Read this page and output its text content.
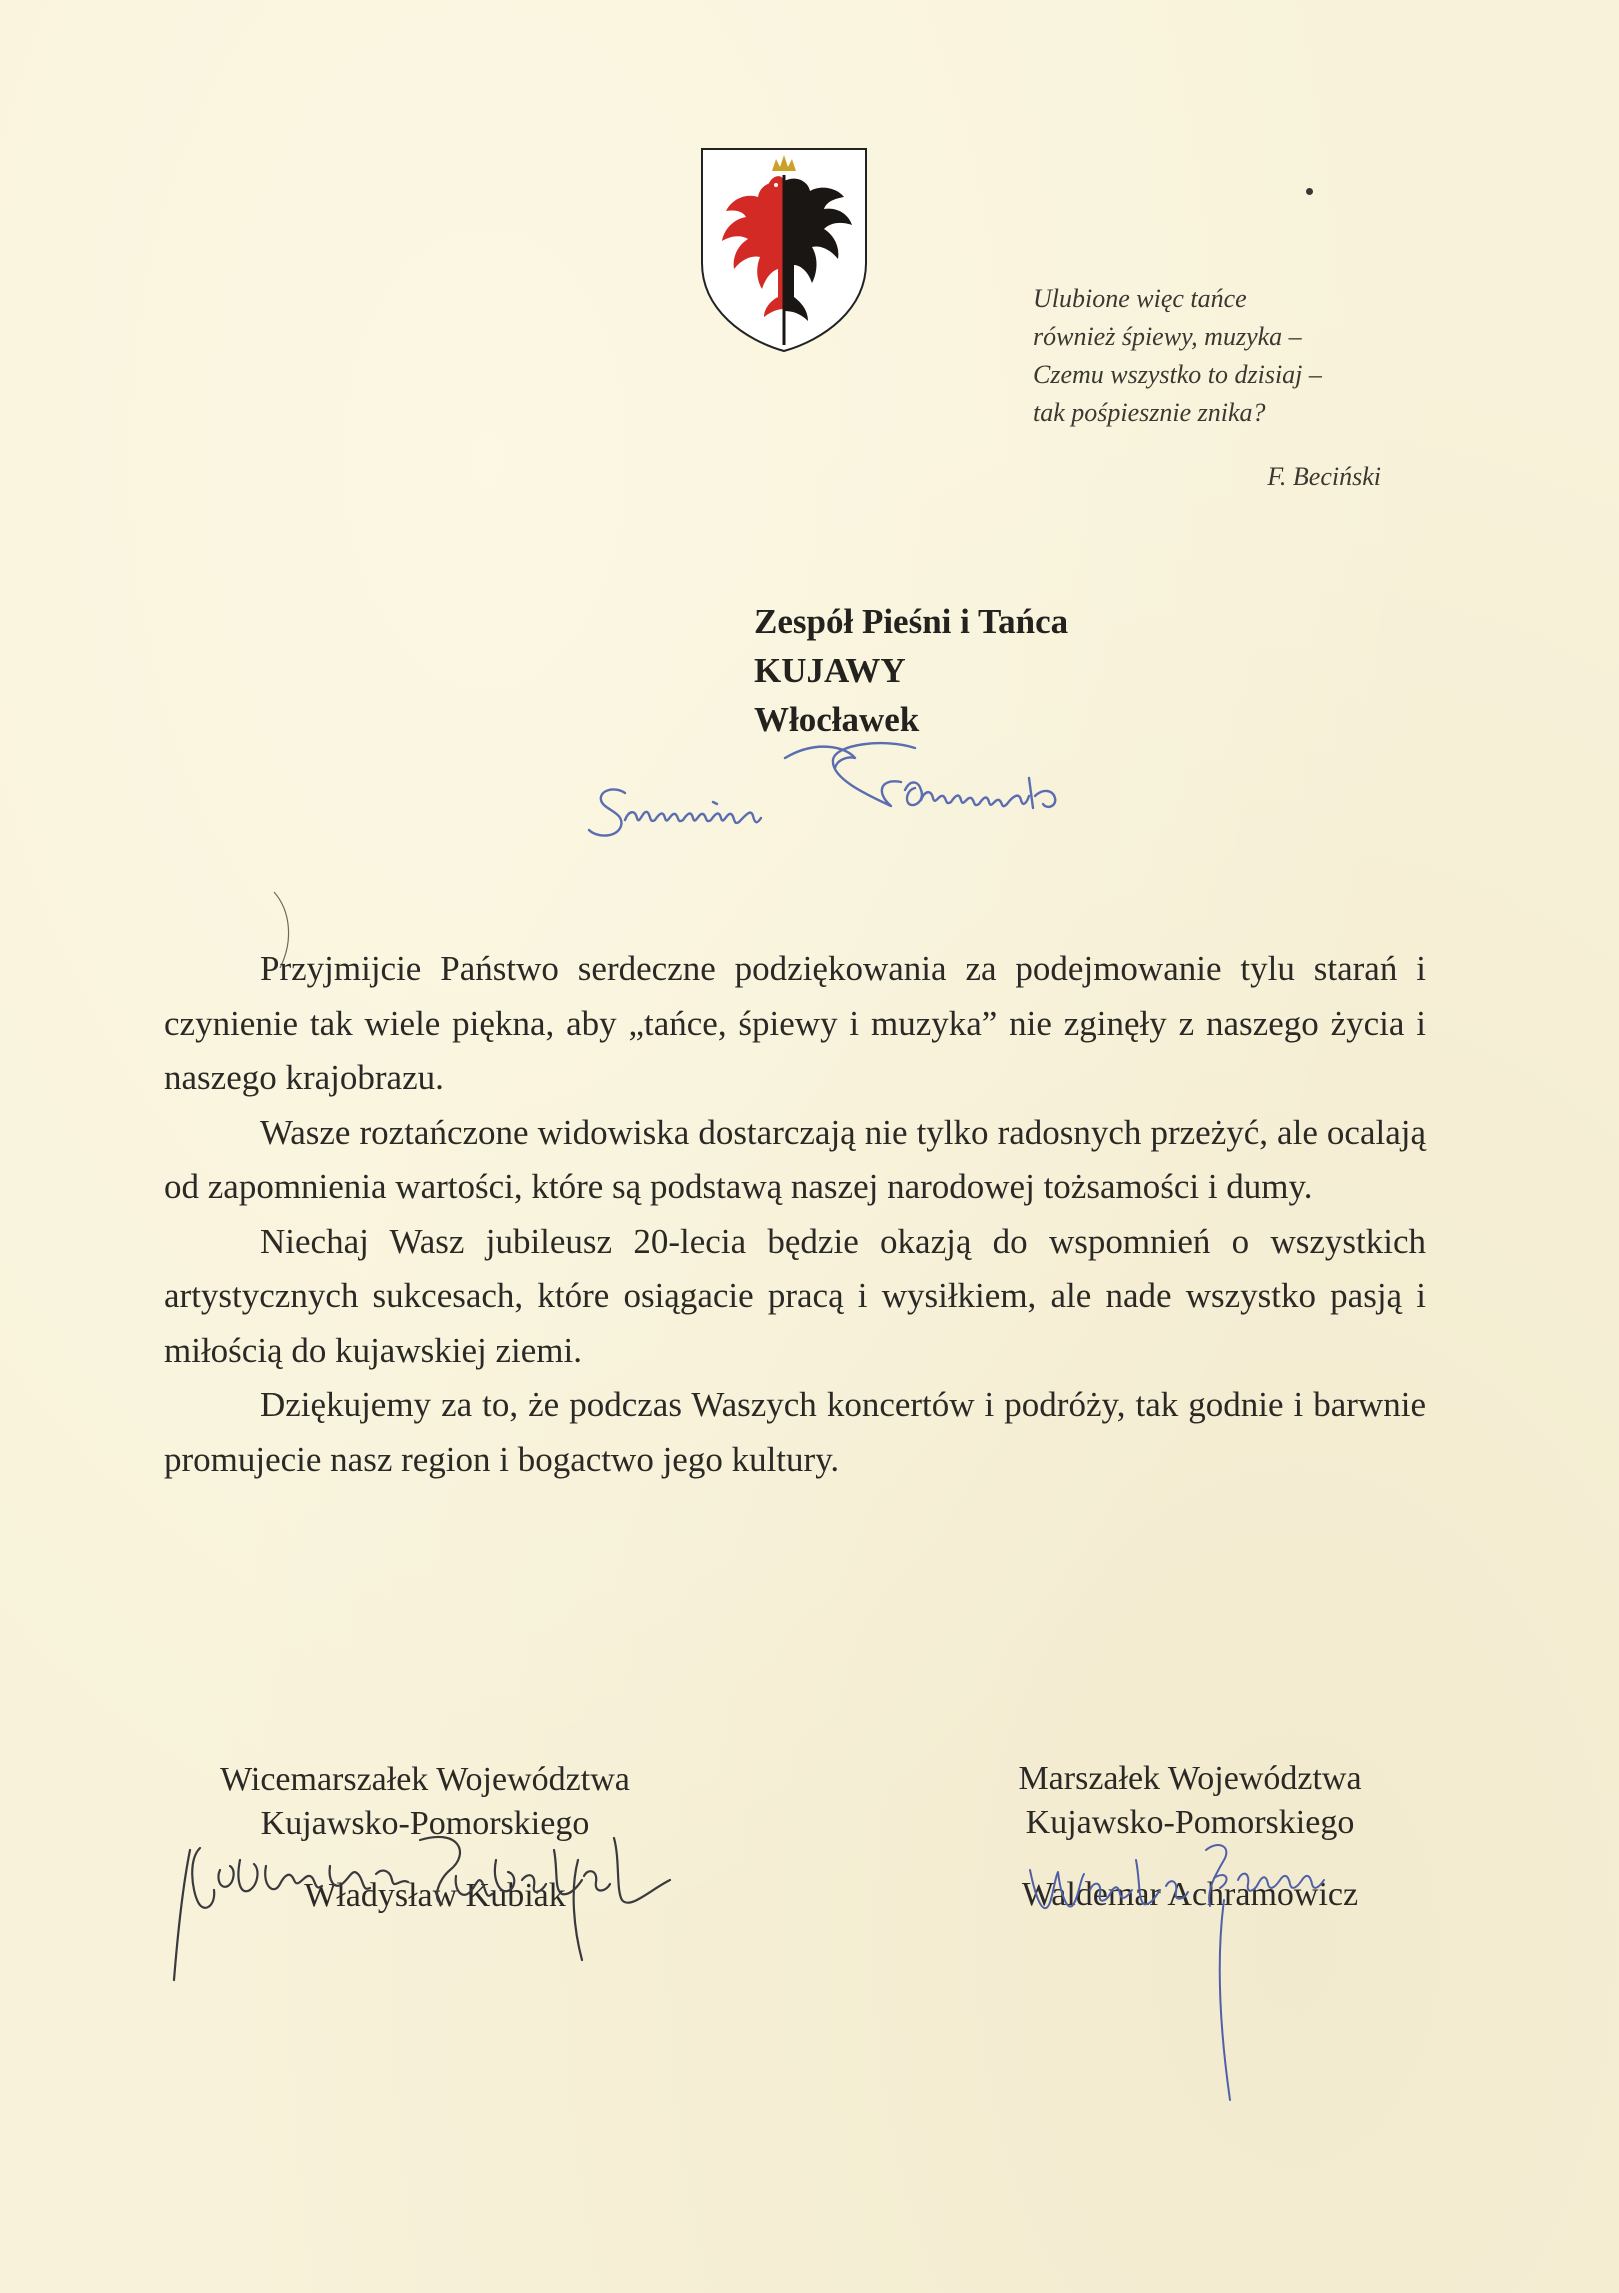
Ulubione więc tańce
również śpiewy, muzyka –
Czemu wszystko to dzisiaj –
tak pośpiesznie znika?
F. Beciński
Zespół Pieśni i Tańca
KUJAWY
Włocławek

Przyjmijcie Państwo serdeczne podziękowania za podejmowanie tylu starań i czynienie tak wiele piękna, aby „tańce, śpiewy i muzyka” nie zginęły z naszego życia i naszego krajobrazu.

Wasze roztańczone widowiska dostarczają nie tylko radosnych przeżyć, ale ocalają od zapomnienia wartości, które są podstawą naszej narodowej tożsamości i dumy.

Niechaj Wasz jubileusz 20-lecia będzie okazją do wspomnień o wszystkich artystycznych sukcesach, które osiągacie pracą i wysiłkiem, ale nade wszystko pasją i miłością do kujawskiej ziemi.

Dziękujemy za to, że podczas Waszych koncertów i podróży, tak godnie i barwnie promujecie nasz region i bogactwo jego kultury.

Wicemarszałek Województwa
Kujawsko-Pomorskiego
Władysław Kubiak
Marszałek Województwa
Kujawsko-Pomorskiego
Waldemar Achramowicz
